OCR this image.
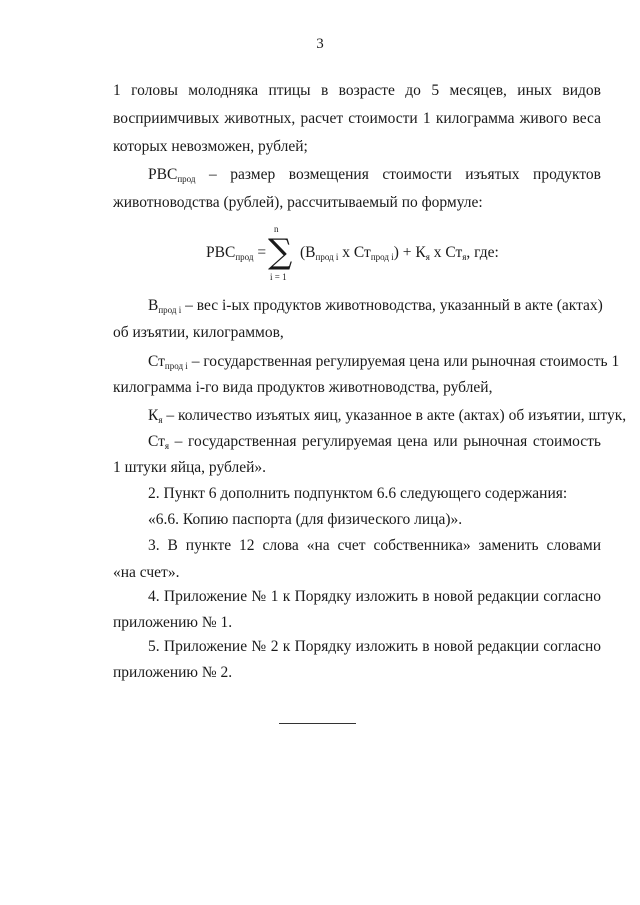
3
1 головы молодняка птицы в возрасте до 5 месяцев, иных видов
восприимчивых животных, расчет стоимости 1 килограмма живого веса
которых невозможен, рублей;
$РВС_{прод}$ – размер возмещения стоимости изъятых продуктов
животноводства (рублей), рассчитываемый по формуле:
$РВС_{прод}$ =
n
∑
i = 1
($В_{прод i}$ x $Ст_{прод i}) + К_я$ x $Ст_я$, где:
$В_{прод i}$ – вес i-ых продуктов животноводства, указанный в акте (актах)
об изъятии, килограммов,
$Ст_{прод i}$ – государственная регулируемая цена или рыночная стоимость 1
килограмма i-го вида продуктов животноводства, рублей,
$К_я$ – количество изъятых яиц, указанное в акте (актах) об изъятии, штук,
$Ст_я$ – государственная регулируемая цена или рыночная стоимость
1 штуки яйца, рублей».
2. Пункт 6 дополнить подпунктом 6.6 следующего содержания:
«6.6. Копию паспорта (для физического лица)».
3. В пункте 12 слова «на счет собственника» заменить словами
«на счет».
4. Приложение № 1 к Порядку изложить в новой редакции согласно
приложению № 1.
5. Приложение № 2 к Порядку изложить в новой редакции согласно
приложению № 2.
